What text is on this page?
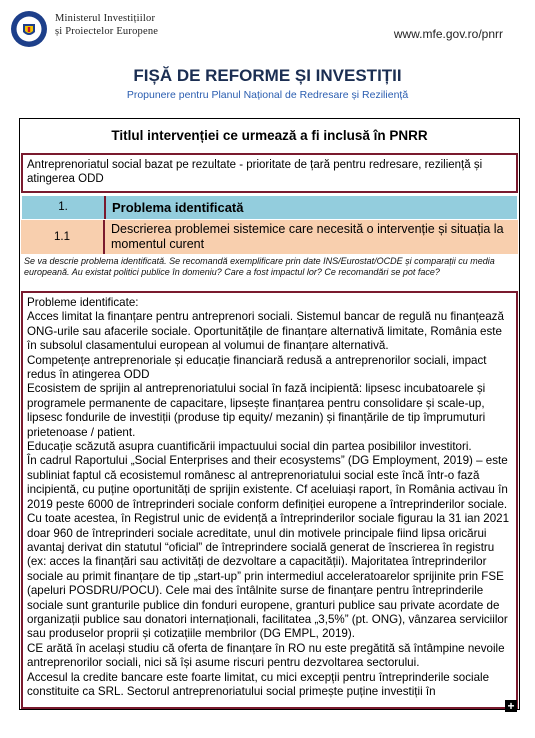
Ministerul Investițiilor
și Proiectelor Europene	www.mfe.gov.ro/pnrr
FIȘĂ DE REFORME ȘI INVESTIȚII
Propunere pentru Planul Național de Redresare și Reziliență
Titlul intervenției ce urmează a fi inclusă în PNRR
Antreprenoriatul social bazat pe rezultate - prioritate de țară pentru redresare, reziliență și atingerea ODD
1.	Problema identificată
1.1
Descrierea problemei sistemice care necesită o intervenție și situația la momentul curent
Se va descrie problema identificată. Se recomandă exemplificare prin date INS/Eurostat/OCDE și comparații cu media europeană. Au existat politici publice în domeniu? Care a fost impactul lor? Ce recomandări se pot face?

Probleme identificate:

Acces limitat la finanțare pentru antreprenori sociali. Sistemul bancar de regulă nu finanțează ONG-urile sau afacerile sociale. Oportunitățile de finanțare alternativă limitate, România este în subsolul clasamentului european al volumui de finanțare alternativă.

Competențe antreprenoriale și educație financiară redusă a antreprenorilor sociali, impact redus în atingerea ODD

Ecosistem de sprijin al antreprenoriatului social în fază incipientă: lipsesc incubatoarele și programele permanente de capacitare, lipsește finanțarea pentru consolidare și scale-up, lipsesc fondurile de investiții (produse tip equity/ mezanin) și finanțările de tip împrumuturi prietenoase / patient.

Educație scăzută asupra cuantificării impactuului social din partea posibililor investitori.

În cadrul Raportului „Social Enterprises and their ecosystems” (DG Employment, 2019) – este subliniat faptul că ecosistemul românesc al antreprenoriatului social este încă într-o fază incipientă, cu puține oportunități de sprijin existente. Cf aceluiași raport, în România activau în 2019 peste 6000 de întreprinderi sociale conform definiției europene a întreprinderilor sociale. Cu toate acestea, în Registrul unic de evidență a întreprinderilor sociale figurau la 31 ian 2021 doar 960 de întreprinderi sociale acreditate, unul din motivele principale fiind lipsa oricărui avantaj derivat din statutul “oficial” de întreprindere socială generat de înscrierea în registru (ex: acces la finanțări sau activități de dezvoltare a capacității). Majoritatea întreprinderilor sociale au primit finanțare de tip „start-up” prin intermediul acceleratoarelor sprijinite prin FSE (apeluri POSDRU/POCU). Cele mai des întâlnite surse de finanțare pentru întreprinderile sociale sunt granturile publice din fonduri europene, granturi publice sau private acordate de organizații publice sau donatori internaționali, facilitatea „3,5%” (pt. ONG), vânzarea serviciilor sau produselor proprii și cotizațiile membrilor (DG EMPL, 2019).

CE arătă în același studiu că oferta de finanțare în RO nu este pregătită să întâmpine nevoile antreprenorilor sociali, nici să își asume riscuri pentru dezvoltarea sectorului.

Accesul la credite bancare este foarte limitat, cu mici excepții pentru întreprinderile sociale constituite ca SRL. Sectorul antreprenoriatului social primește puține investiții în

+
